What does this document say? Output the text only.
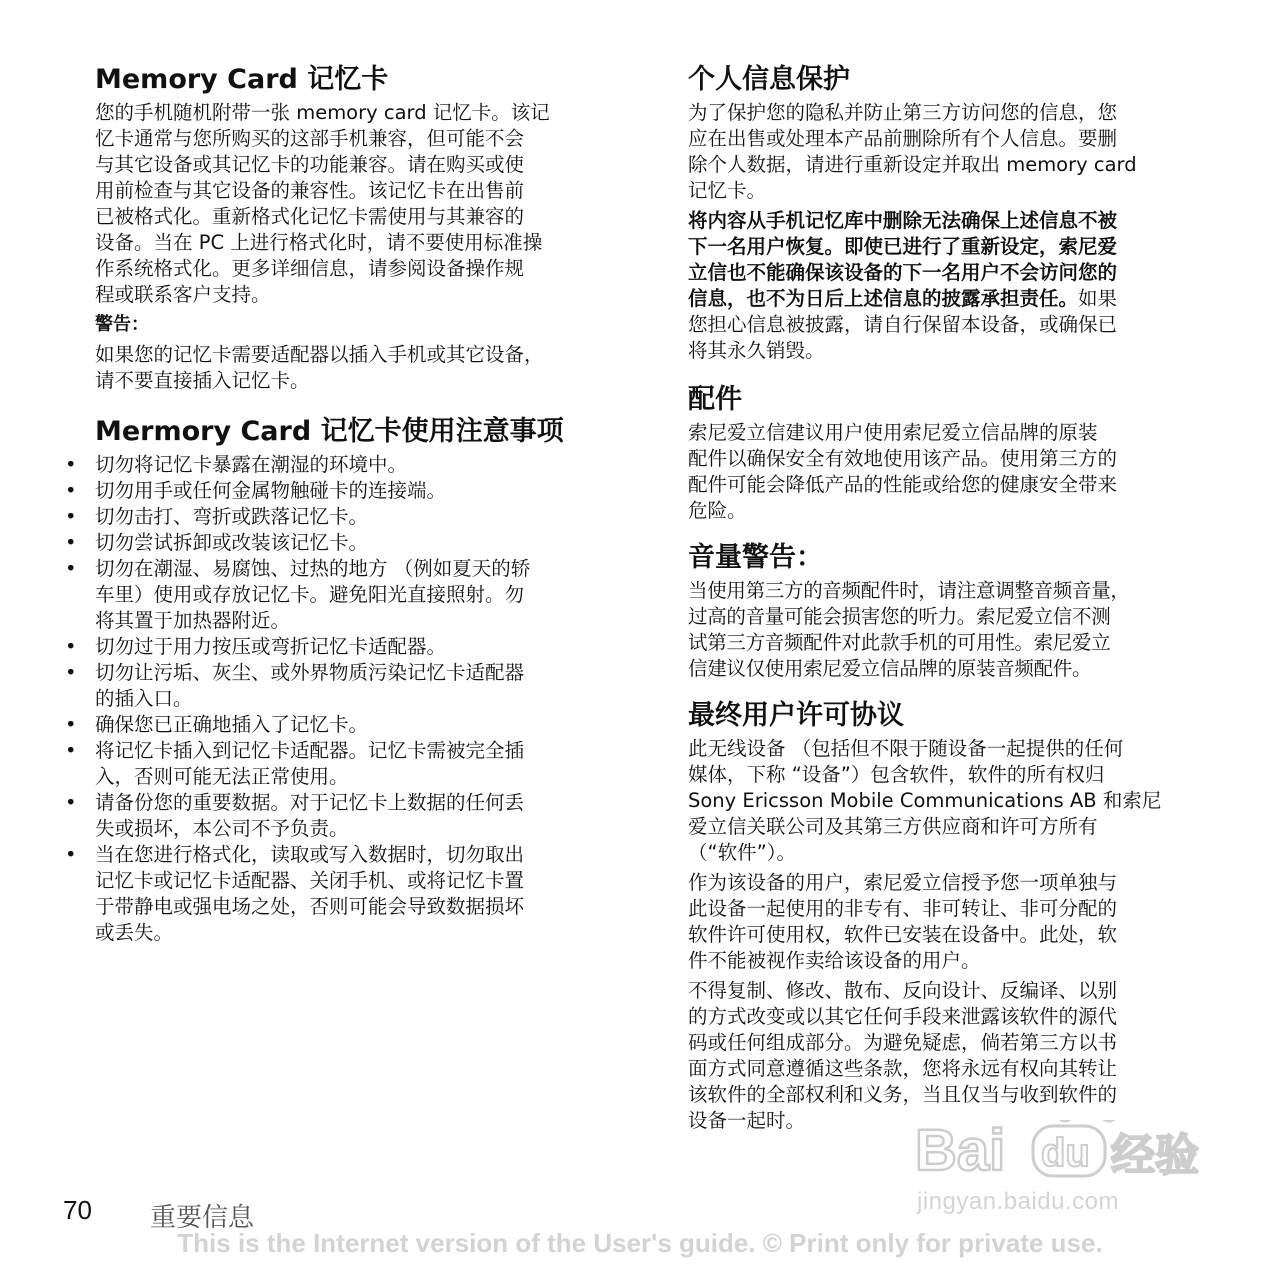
Memory Card 记忆卡

您的手机随机附带一张 memory card 记忆卡。该记
忆卡通常与您所购买的这部手机兼容，但可能不会
与其它设备或其记忆卡的功能兼容。请在购买或使
用前检查与其它设备的兼容性。该记忆卡在出售前
已被格式化。重新格式化记忆卡需使用与其兼容的
设备。当在 PC 上进行格式化时，请不要使用标准操
作系统格式化。更多详细信息，请参阅设备操作规
程或联系客户支持。

警告：

如果您的记忆卡需要适配器以插入手机或其它设备，
请不要直接插入记忆卡。

Mermory Card 记忆卡使用注意事项
• 切勿将记忆卡暴露在潮湿的环境中。
• 切勿用手或任何金属物触碰卡的连接端。
• 切勿击打、弯折或跌落记忆卡。
• 切勿尝试拆卸或改装该记忆卡。
• 切勿在潮湿、易腐蚀、过热的地方 （例如夏天的轿
车里）使用或存放记忆卡。避免阳光直接照射。勿
将其置于加热器附近。
• 切勿过于用力按压或弯折记忆卡适配器。
• 切勿让污垢、灰尘、或外界物质污染记忆卡适配器
的插入口。
• 确保您已正确地插入了记忆卡。
• 将记忆卡插入到记忆卡适配器。记忆卡需被完全插
入，否则可能无法正常使用。
• 请备份您的重要数据。对于记忆卡上数据的任何丢
失或损坏，本公司不予负责。
• 当在您进行格式化，读取或写入数据时，切勿取出
记忆卡或记忆卡适配器、关闭手机、或将记忆卡置
于带静电或强电场之处，否则可能会导致数据损坏
或丢失。
个人信息保护

为了保护您的隐私并防止第三方访问您的信息，您
应在出售或处理本产品前删除所有个人信息。要删
除个人数据，请进行重新设定并取出 memory card
记忆卡。

将内容从手机记忆库中删除无法确保上述信息不被
下一名用户恢复。即使已进行了重新设定，索尼爱
立信也不能确保该设备的下一名用户不会访问您的
信息，也不为日后上述信息的披露承担责任。如果
您担心信息被披露，请自行保留本设备，或确保已
将其永久销毁。

配件

索尼爱立信建议用户使用索尼爱立信品牌的原装
配件以确保安全有效地使用该产品。使用第三方的
配件可能会降低产品的性能或给您的健康安全带来
危险。

音量警告：

当使用第三方的音频配件时，请注意调整音频音量，
过高的音量可能会损害您的听力。索尼爱立信不测
试第三方音频配件对此款手机的可用性。索尼爱立
信建议仅使用索尼爱立信品牌的原装音频配件。

最终用户许可协议

此无线设备 （包括但不限于随设备一起提供的任何
媒体，下称 “设备”）包含软件，软件的所有权归
Sony Ericsson Mobile Communications AB 和索尼
爱立信关联公司及其第三方供应商和许可方所有
（“软件”）。

作为该设备的用户，索尼爱立信授予您一项单独与
此设备一起使用的非专有、非可转让、非可分配的
软件许可使用权，软件已安装在设备中。此处，软
件不能被视作卖给该设备的用户。

不得复制、修改、散布、反向设计、反编译、以别
的方式改变或以其它任何手段来泄露该软件的源代
码或任何组成部分。为避免疑虑，倘若第三方以书
面方式同意遵循这些条款，您将永远有权向其转让
该软件的全部权利和义务，当且仅当与收到软件的
设备一起时。	Bai du 经验
jingyan.baidu.com
70 重要信息
This is the Internet version of the User's guide. © Print only for private use.
